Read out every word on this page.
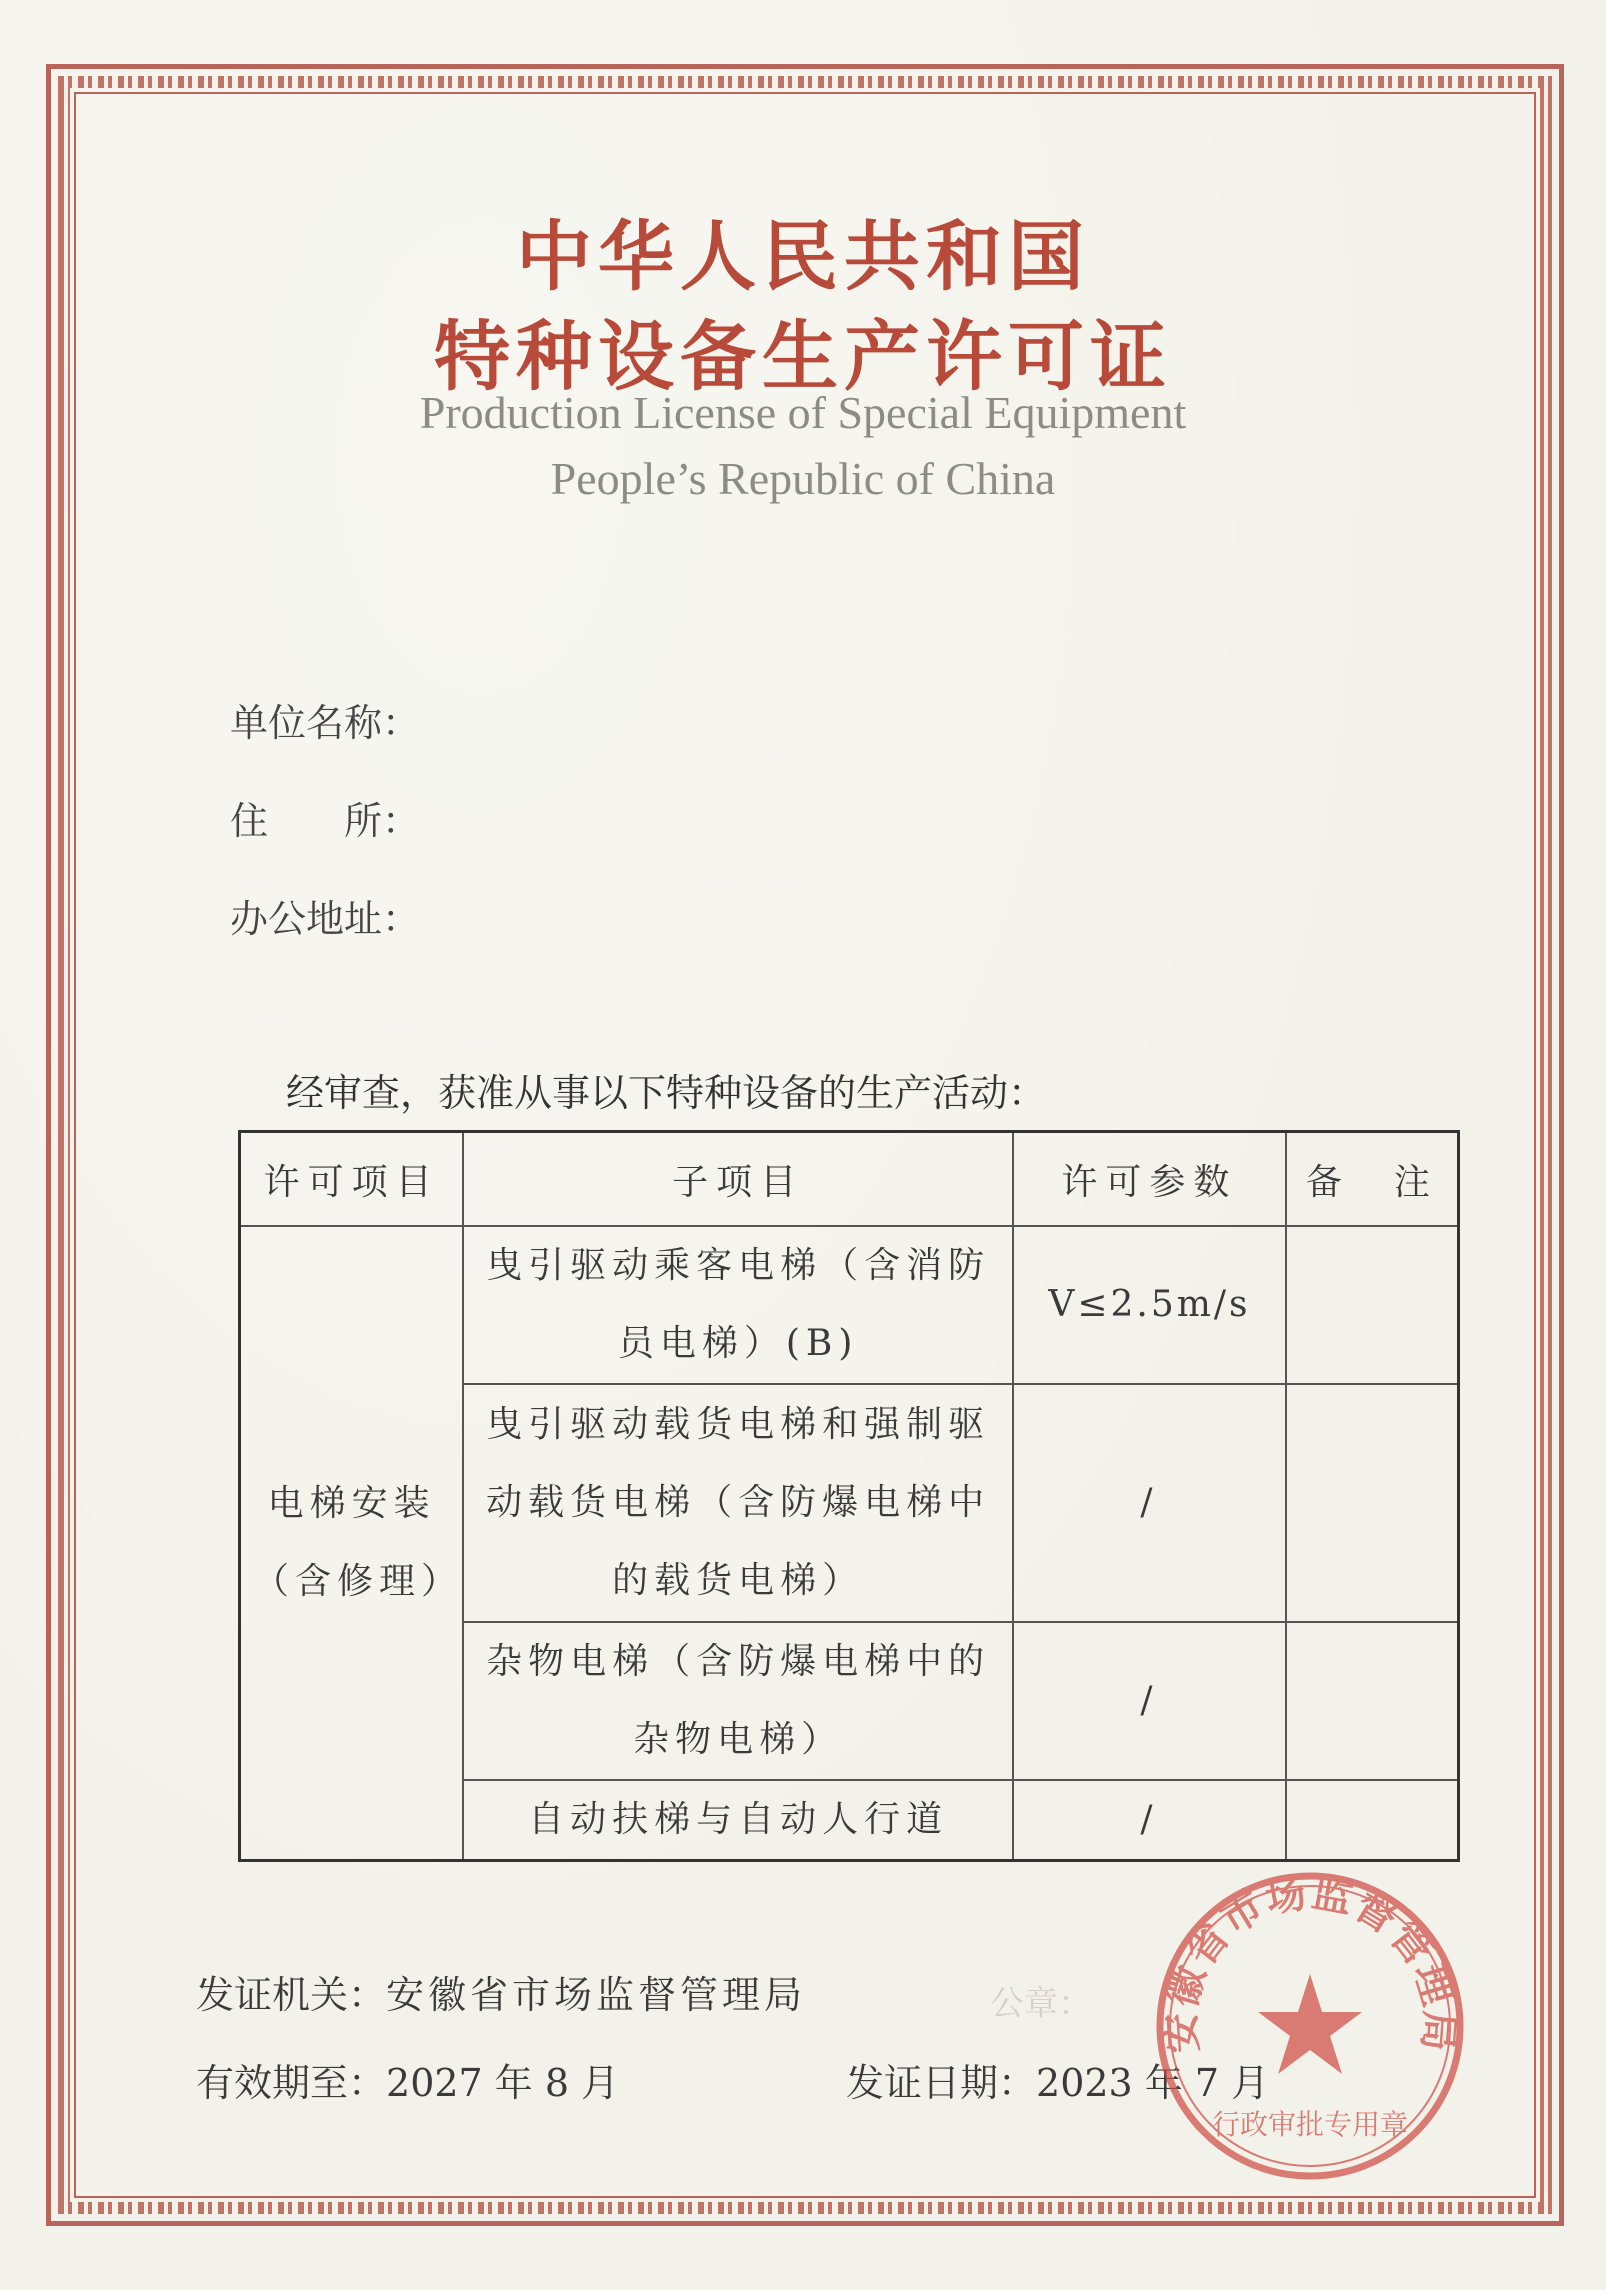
中华人民共和国
特种设备生产许可证
Production License of Special Equipment
People’s Republic of China
单位名称：
住　　所：
办公地址：
经审查，获准从事以下特种设备的生产活动：
许可项目	子项目	许可参数	备　注

电梯安装
（含修理）	曳引驱动乘客电梯（含消防员电梯）(B)	V≤2.5m/s	
	曳引驱动载货电梯和强制驱动载货电梯（含防爆电梯中的载货电梯）	/	
	杂物电梯（含防爆电梯中的杂物电梯）	/	
	自动扶梯与自动人行道	/	
发证机关：安徽省市场监督管理局	公章：
有效期至：2027 年 8 月	发证日期：2023 年 7 月
安徽省市场监督管理局
行政审批专用章
